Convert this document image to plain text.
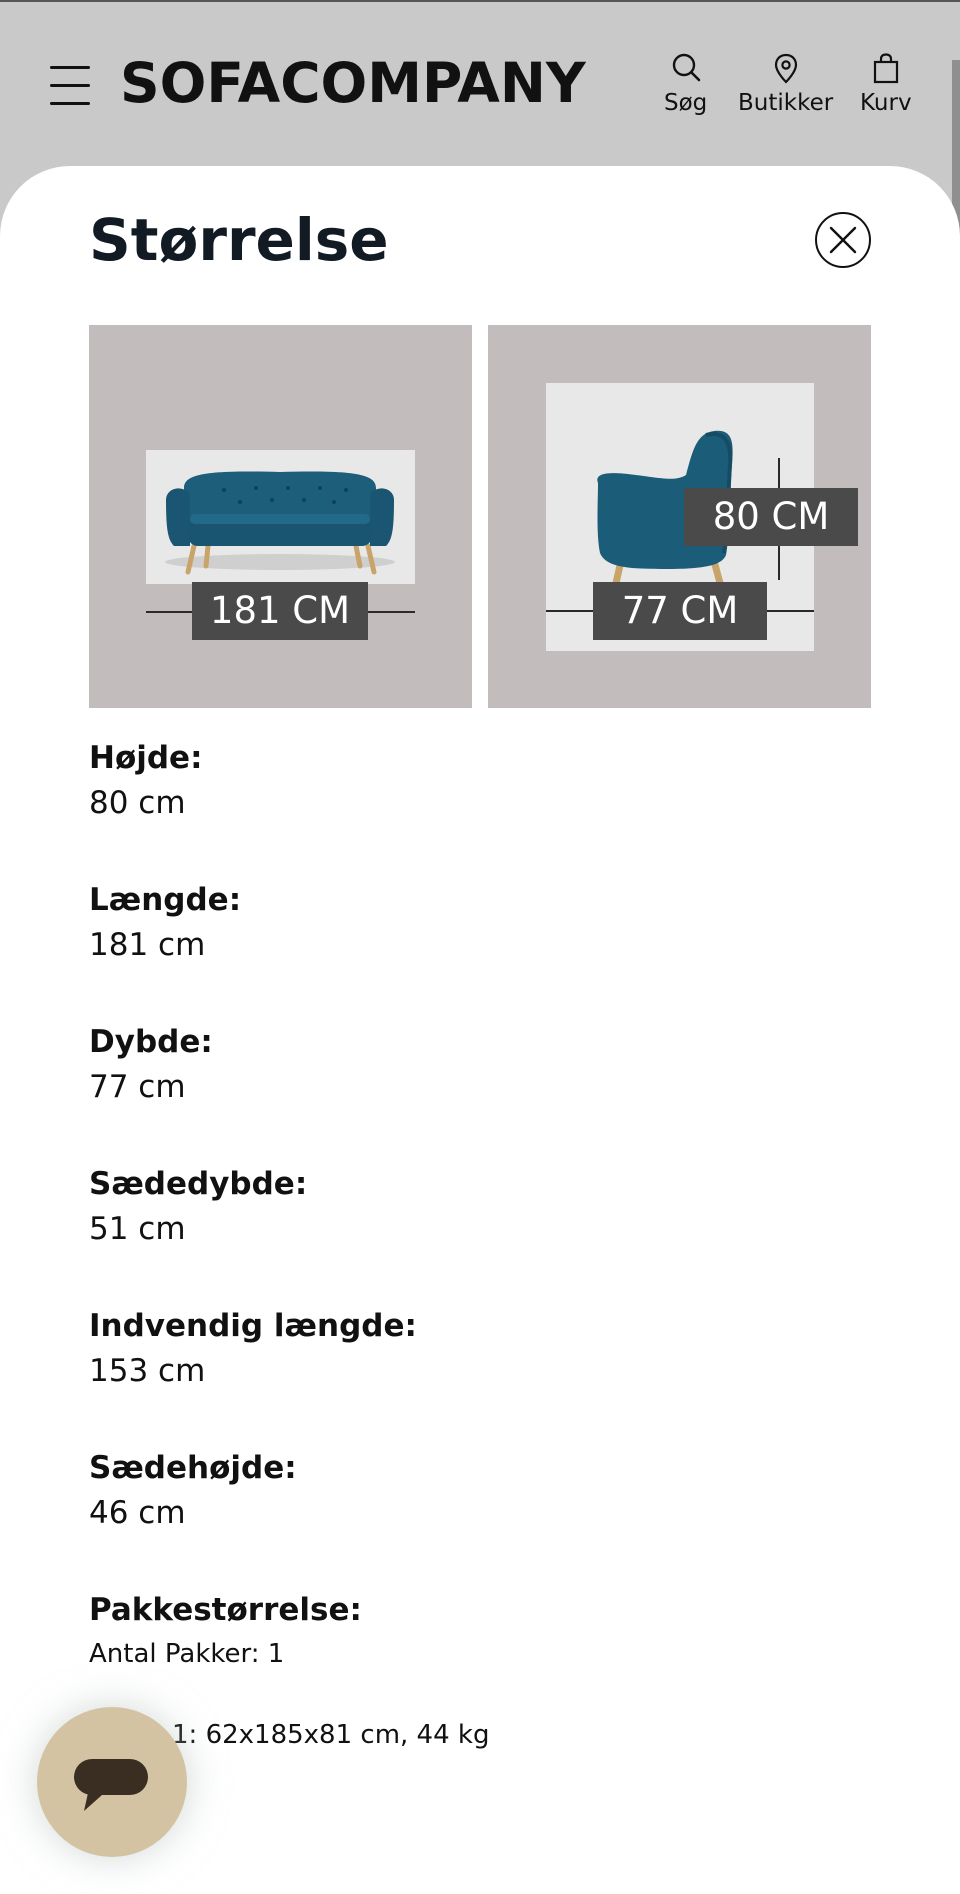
SOFACOMPANY	Søg Butikker Kurv
Størrelse
181 CM	77 CM
80 CM
Højde:
80 cm
Længde:
181 cm
Dybde:
77 cm
Sædedybde:
51 cm
Indvendig længde:
153 cm
Sædehøjde:
46 cm
Pakkestørrelse:
Antal Pakker: 1
1: 62x185x81 cm, 44 kg
